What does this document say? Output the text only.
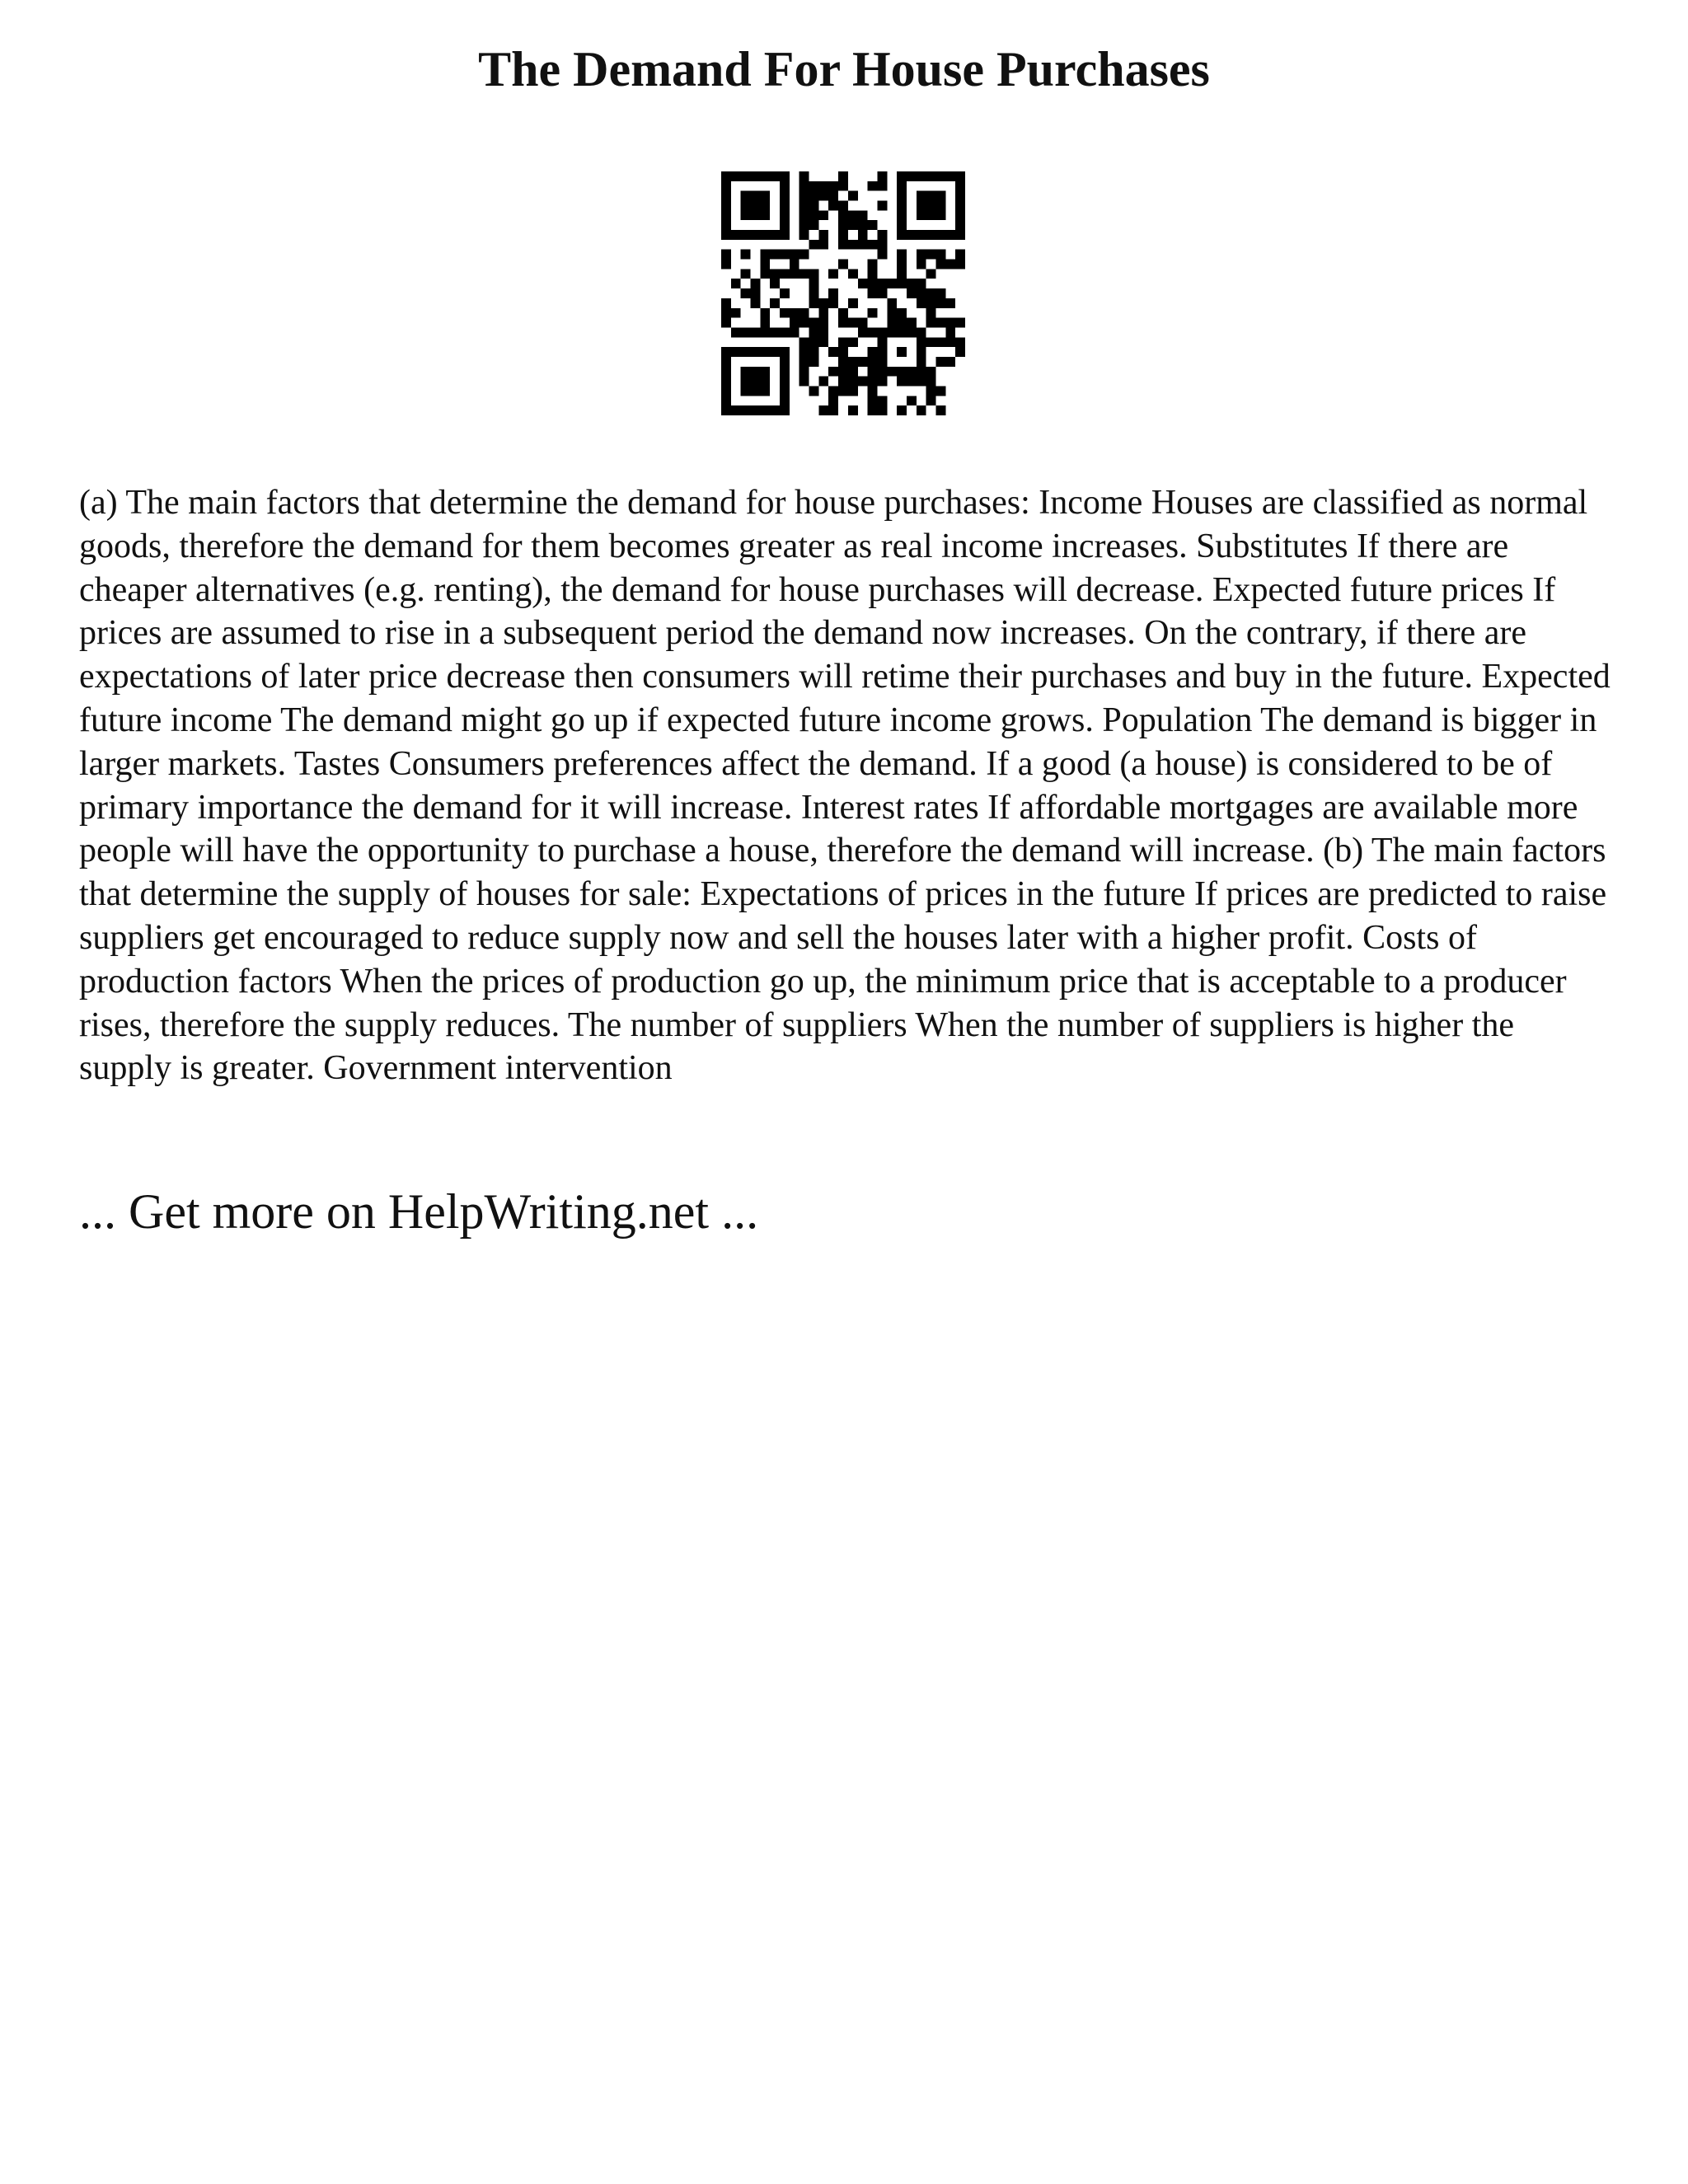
The Demand For House Purchases

(a) The main factors that determine the demand for house purchases: Income Houses are classified as normal goods, therefore the demand for them becomes greater as real income increases. Substitutes If there are cheaper alternatives (e.g. renting), the demand for house purchases will decrease. Expected future prices If prices are assumed to rise in a subsequent period the demand now increases. On the contrary, if there are expectations of later price decrease then consumers will retime their purchases and buy in the future. Expected future income The demand might go up if expected future income grows. Population The demand is bigger in larger markets. Tastes Consumers preferences affect the demand. If a good (a house) is considered to be of primary importance the demand for it will increase. Interest rates If affordable mortgages are available more people will have the opportunity to purchase a house, therefore the demand will increase. (b) The main factors that determine the supply of houses for sale: Expectations of prices in the future If prices are predicted to raise suppliers get encouraged to reduce supply now and sell the houses later with a higher profit. Costs of production factors When the prices of production go up, the minimum price that is acceptable to a producer rises, therefore the supply reduces. The number of suppliers When the number of suppliers is higher the supply is greater. Government intervention

... Get more on HelpWriting.net ...
